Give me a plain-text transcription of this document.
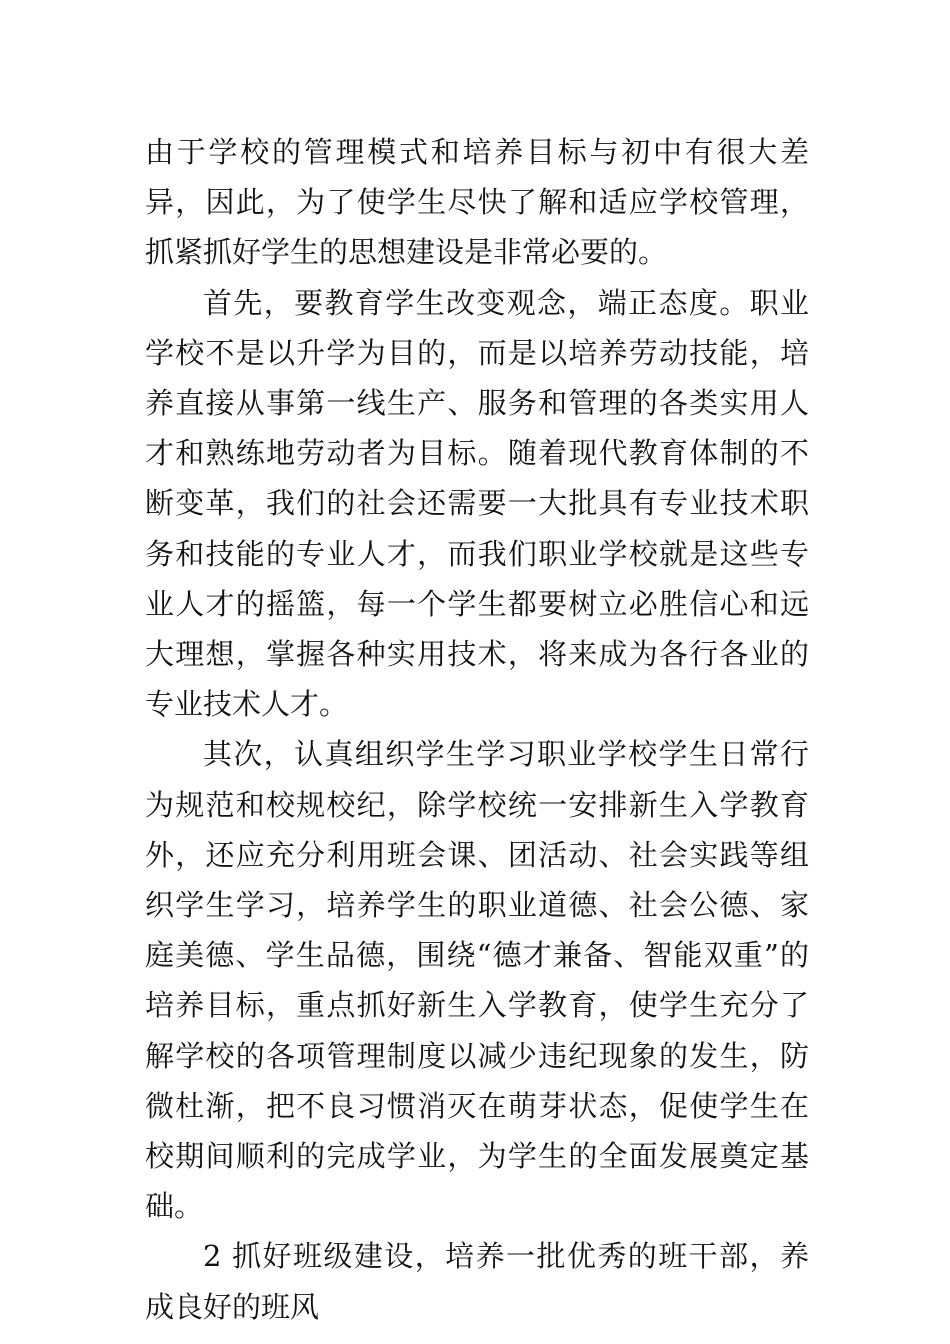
由于学校的管理模式和培养目标与初中有很大差异，因此，为了使学生尽快了解和适应学校管理，抓紧抓好学生的思想建设是非常必要的。

首先，要教育学生改变观念，端正态度。职业学校不是以升学为目的，而是以培养劳动技能，培养直接从事第一线生产、服务和管理的各类实用人才和熟练地劳动者为目标。随着现代教育体制的不断变革，我们的社会还需要一大批具有专业技术职务和技能的专业人才，而我们职业学校就是这些专业人才的摇篮，每一个学生都要树立必胜信心和远大理想，掌握各种实用技术，将来成为各行各业的专业技术人才。

其次，认真组织学生学习职业学校学生日常行为规范和校规校纪，除学校统一安排新生入学教育外，还应充分利用班会课、团活动、社会实践等组织学生学习，培养学生的职业道德、社会公德、家庭美德、学生品德，围绕“德才兼备、智能双重”的培养目标，重点抓好新生入学教育，使学生充分了解学校的各项管理制度以减少违纪现象的发生，防微杜渐，把不良习惯消灭在萌芽状态，促使学生在校期间顺利的完成学业，为学生的全面发展奠定基础。

2 抓好班级建设，培养一批优秀的班干部，养成良好的班风
